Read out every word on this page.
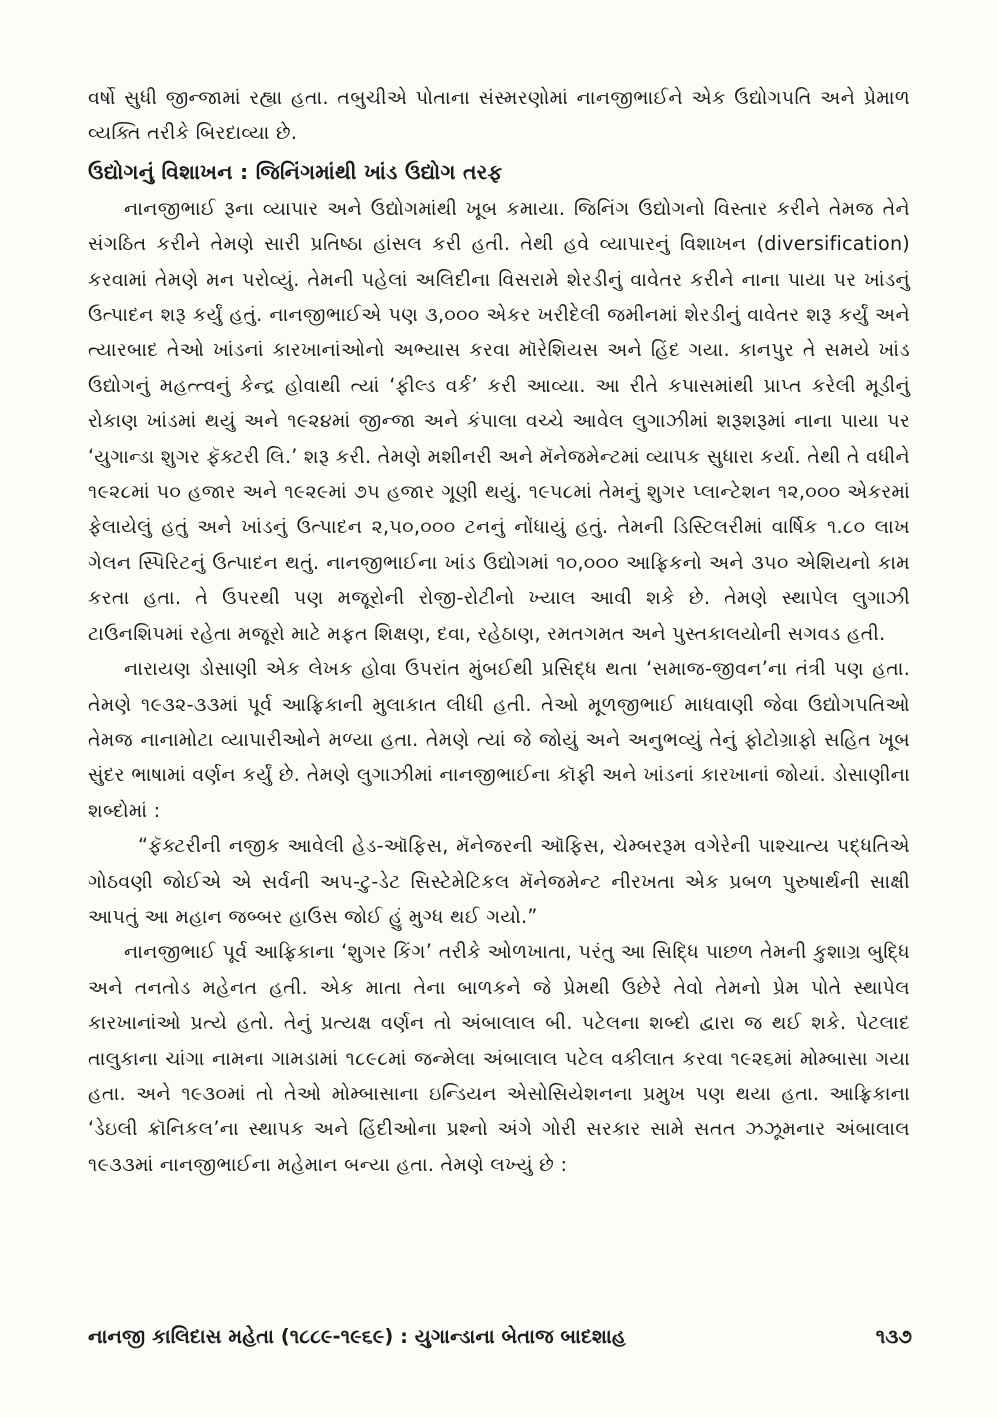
વર્ષો સુધી જીન્જામાં રહ્યા હતા. તબુચીએ પોતાના સંસ્મરણોમાં નાનજીભાઈને એક ઉદ્યોગપતિ અને પ્રેમાળ વ્યક્તિ તરીકે બિરદાવ્યા છે.

ઉદ્યોગનું વિશાખન : જિનિંગમાંથી ખાંડ ઉદ્યોગ તરફ

નાનજીભાઈ રૂના વ્યાપાર અને ઉદ્યોગમાંથી ખૂબ કમાયા. જિનિંગ ઉદ્યોગનો વિસ્તાર કરીને તેમજ તેને સંગઠિત કરીને તેમણે સારી પ્રતિષ્ઠા હાંસલ કરી હતી. તેથી હવે વ્યાપારનું વિશાખન (diversification) કરવામાં તેમણે મન પરોવ્યું. તેમની પહેલાં અલિદીના વિસરામે શેરડીનું વાવેતર કરીને નાના પાયા પર ખાંડનું ઉત્પાદન શરૂ કર્યું હતું. નાનજીભાઈએ પણ ૩,૦૦૦ એકર ખરીદેલી જમીનમાં શેરડીનું વાવેતર શરૂ કર્યું અને ત્યારબાદ તેઓ ખાંડનાં કારખાનાંઓનો અભ્યાસ કરવા મૉરેશિયસ અને હિંદ ગયા. કાનપુર તે સમયે ખાંડ ઉદ્યોગનું મહત્ત્વનું કેન્દ્ર હોવાથી ત્યાં ‘ફીલ્ડ વર્ક’ કરી આવ્યા. આ રીતે કપાસમાંથી પ્રાપ્ત કરેલી મૂડીનું રોકાણ ખાંડમાં થયું અને ૧૯૨૪માં જીન્જા અને કંપાલા વચ્ચે આવેલ લુગાઝીમાં શરૂશરૂમાં નાના પાયા પર ‘યુગાન્ડા શુગર ફૅક્ટરી લિ.’ શરૂ કરી. તેમણે મશીનરી અને મૅનેજમેન્ટમાં વ્યાપક સુધારા કર્યા. તેથી તે વધીને ૧૯૨૮માં ૫૦ હજાર અને ૧૯૨૯માં ૭૫ હજાર ગૂણી થયું. ૧૯૫૮માં તેમનું શુગર પ્લાન્ટેશન ૧૨,૦૦૦ એકરમાં ફેલાયેલું હતું અને ખાંડનું ઉત્પાદન ૨,૫૦,૦૦૦ ટનનું નોંધાયું હતું. તેમની ડિસ્ટિલરીમાં વાર્ષિક ૧.૮૦ લાખ ગેલન સ્પિરિટનું ઉત્પાદન થતું. નાનજીભાઈના ખાંડ ઉદ્યોગમાં ૧૦,૦૦૦ આફ્રિકનો અને ૩૫૦ એશિયનો કામ કરતા હતા. તે ઉપરથી પણ મજૂરોની રોજી-રોટીનો ખ્યાલ આવી શકે છે. તેમણે સ્થાપેલ લુગાઝી ટાઉનશિપમાં રહેતા મજૂરો માટે મફત શિક્ષણ, દવા, રહેઠાણ, રમતગમત અને પુસ્તકાલયોની સગવડ હતી.

નારાયણ ડોસાણી એક લેખક હોવા ઉપરાંત મુંબઈથી પ્રસિદ્ધ થતા ‘સમાજ-જીવન’ના તંત્રી પણ હતા. તેમણે ૧૯૩૨-૩૩માં પૂર્વ આફ્રિકાની મુલાકાત લીધી હતી. તેઓ મૂળજીભાઈ માધવાણી જેવા ઉદ્યોગપતિઓ તેમજ નાનામોટા વ્યાપારીઓને મળ્યા હતા. તેમણે ત્યાં જે જોયું અને અનુભવ્યું તેનું ફોટોગ્રાફો સહિત ખૂબ સુંદર ભાષામાં વર્ણન કર્યું છે. તેમણે લુગાઝીમાં નાનજીભાઈના કૉફી અને ખાંડનાં કારખાનાં જોયાં. ડોસાણીના શબ્દોમાં :

“ફૅક્ટરીની નજીક આવેલી હેડ-ઑફિસ, મૅનેજરની ઑફિસ, ચેમ્બરરૂમ વગેરેની પાશ્ચાત્ય પદ્ધતિએ ગોઠવણી જોઈએ એ સર્વની અપ-ટુ-ડેટ સિસ્ટેમેટિકલ મૅનેજમેન્ટ નીરખતા એક પ્રબળ પુરુષાર્થની સાક્ષી આપતું આ મહાન જબ્બર હાઉસ જોઈ હું મુગ્ધ થઈ ગયો.”

નાનજીભાઈ પૂર્વ આફ્રિકાના ‘શુગર કિંગ’ તરીકે ઓળખાતા, પરંતુ આ સિદ્ધિ પાછળ તેમની કુશાગ્ર બુદ્ધિ અને તનતોડ મહેનત હતી. એક માતા તેના બાળકને જે પ્રેમથી ઉછેરે તેવો તેમનો પ્રેમ પોતે સ્થાપેલ કારખાનાંઓ પ્રત્યે હતો. તેનું પ્રત્યક્ષ વર્ણન તો અંબાલાલ બી. પટેલના શબ્દો દ્વારા જ થઈ શકે. પેટલાદ તાલુકાના ચાંગા નામના ગામડામાં ૧૮૯૮માં જન્મેલા અંબાલાલ પટેલ વકીલાત કરવા ૧૯૨૬માં મોમ્બાસા ગયા હતા. અને ૧૯૩૦માં તો તેઓ મોમ્બાસાના ઇન્ડિયન એસોસિયેશનના પ્રમુખ પણ થયા હતા. આફ્રિકાના ‘ડેઇલી ક્રૉનિકલ’ના સ્થાપક અને હિંદીઓના પ્રશ્નો અંગે ગોરી સરકાર સામે સતત ઝઝૂમનાર અંબાલાલ ૧૯૩૩માં નાનજીભાઈના મહેમાન બન્યા હતા. તેમણે લખ્યું છે :

નાનજી કાલિદાસ મહેતા (૧૮૮૯-૧૯૬૯) : યુગાન્ડાના બેતાજ બાદશાહ	૧૩૭
